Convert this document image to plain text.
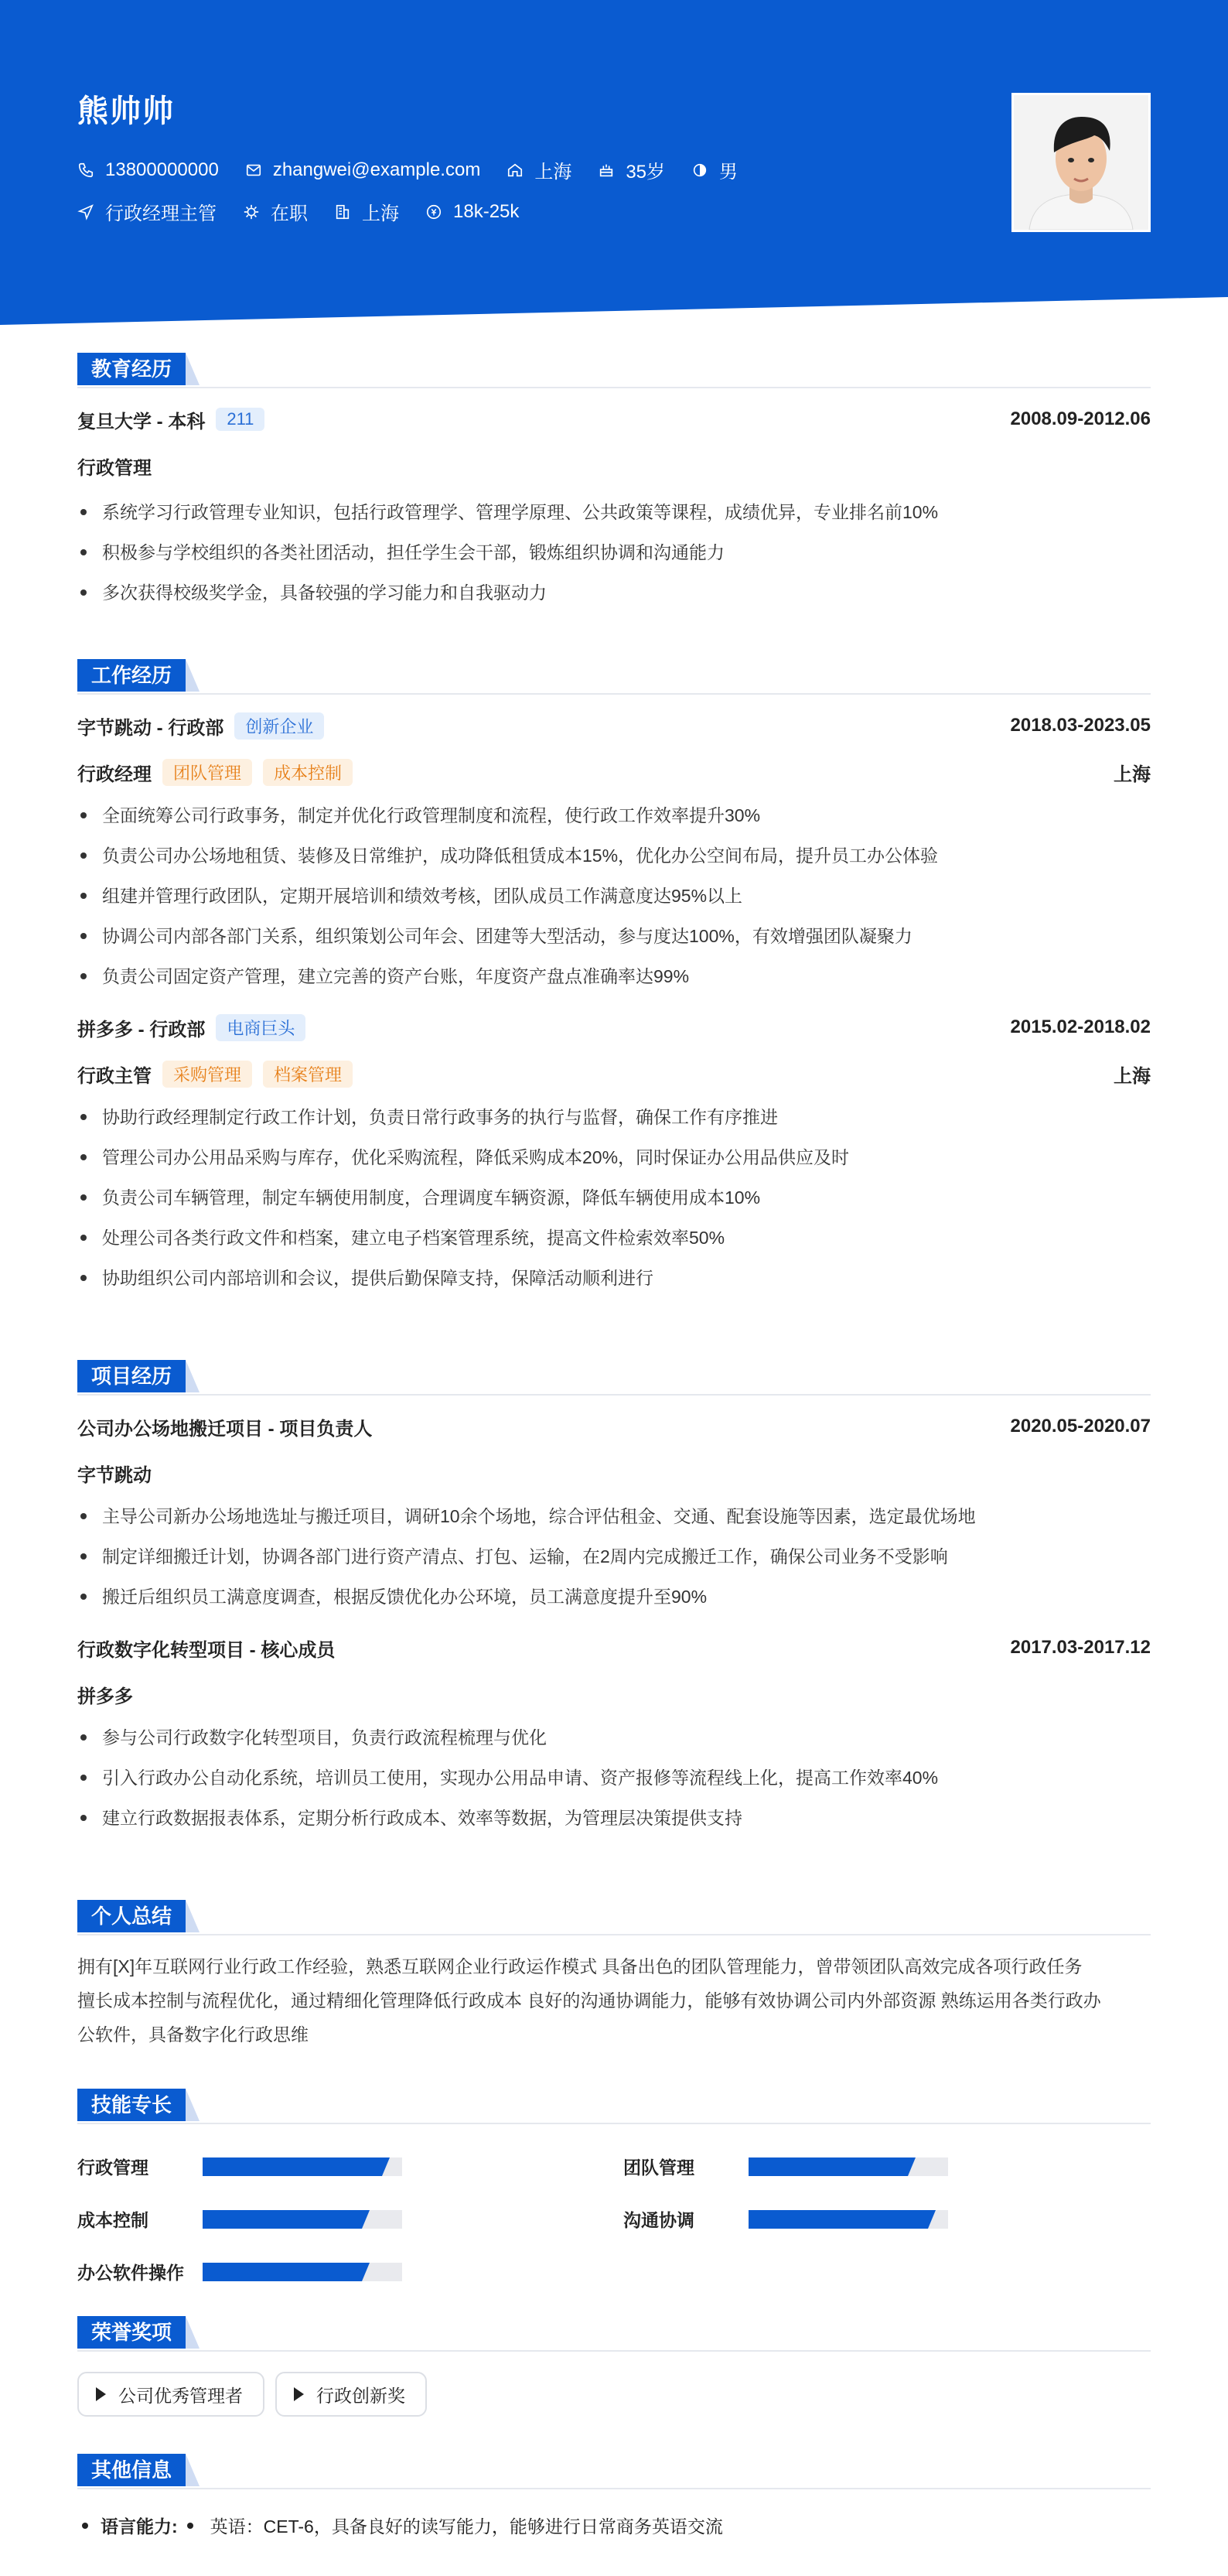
熊帅帅
13800000000	zhangwei@example.com	上海	35岁	男
行政经理主管	在职	上海	18k-25k
教育经历
复旦大学 - 本科	211	2008.09-2012.06
行政管理
系统学习行政管理专业知识，包括行政管理学、管理学原理、公共政策等课程，成绩优异，专业排名前10%
积极参与学校组织的各类社团活动，担任学生会干部，锻炼组织协调和沟通能力
多次获得校级奖学金，具备较强的学习能力和自我驱动力
工作经历
字节跳动 - 行政部	创新企业	2018.03-2023.05
行政经理	团队管理	成本控制	上海
全面统筹公司行政事务，制定并优化行政管理制度和流程，使行政工作效率提升30%
负责公司办公场地租赁、装修及日常维护，成功降低租赁成本15%，优化办公空间布局，提升员工办公体验
组建并管理行政团队，定期开展培训和绩效考核，团队成员工作满意度达95%以上
协调公司内部各部门关系，组织策划公司年会、团建等大型活动，参与度达100%，有效增强团队凝聚力
负责公司固定资产管理，建立完善的资产台账，年度资产盘点准确率达99%
拼多多 - 行政部	电商巨头	2015.02-2018.02
行政主管	采购管理	档案管理	上海
协助行政经理制定行政工作计划，负责日常行政事务的执行与监督，确保工作有序推进
管理公司办公用品采购与库存，优化采购流程，降低采购成本20%，同时保证办公用品供应及时
负责公司车辆管理，制定车辆使用制度，合理调度车辆资源，降低车辆使用成本10%
处理公司各类行政文件和档案，建立电子档案管理系统，提高文件检索效率50%
协助组织公司内部培训和会议，提供后勤保障支持，保障活动顺利进行
项目经历
公司办公场地搬迁项目 - 项目负责人	2020.05-2020.07
字节跳动
主导公司新办公场地选址与搬迁项目，调研10余个场地，综合评估租金、交通、配套设施等因素，选定最优场地
制定详细搬迁计划，协调各部门进行资产清点、打包、运输，在2周内完成搬迁工作，确保公司业务不受影响
搬迁后组织员工满意度调查，根据反馈优化办公环境，员工满意度提升至90%
行政数字化转型项目 - 核心成员	2017.03-2017.12
拼多多
参与公司行政数字化转型项目，负责行政流程梳理与优化
引入行政办公自动化系统，培训员工使用，实现办公用品申请、资产报修等流程线上化，提高工作效率40%
建立行政数据报表体系，定期分析行政成本、效率等数据，为管理层决策提供支持
个人总结
拥有[X]年互联网行业行政工作经验，熟悉互联网企业行政运作模式 具备出色的团队管理能力，曾带领团队高效完成各项行政任务
擅长成本控制与流程优化，通过精细化管理降低行政成本 良好的沟通协调能力，能够有效协调公司内外部资源 熟练运用各类行政办
公软件，具备数字化行政思维
技能专长
行政管理	团队管理
成本控制	沟通协调
办公软件操作
荣誉奖项
公司优秀管理者	行政创新奖
其他信息
语言能力: 英语：CET-6，具备良好的读写能力，能够进行日常商务英语交流
